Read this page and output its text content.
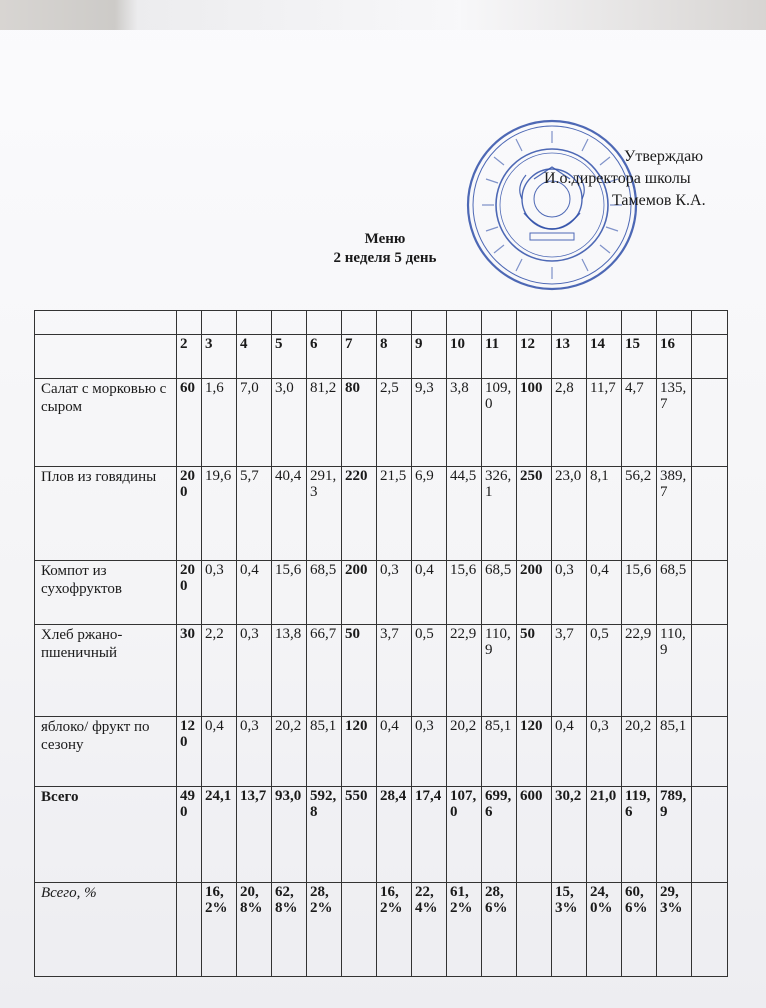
Утверждаю
И.о.директора школы
Тамемов К.А.
Меню
2 неделя 5 день

	2	3	4	5	6	7	8	9	10	11	12	13	14	15	16	
Салат с морковью с сыром	60	1,6	7,0	3,0	81,2	80	2,5	9,3	3,8	109,0	100	2,8	11,7	4,7	135,7	
Плов из говядины	200	19,6	5,7	40,4	291,3	220	21,5	6,9	44,5	326,1	250	23,0	8,1	56,2	389,7	
Компот из сухофруктов	200	0,3	0,4	15,6	68,5	200	0,3	0,4	15,6	68,5	200	0,3	0,4	15,6	68,5	
Хлеб ржано-пшеничный	30	2,2	0,3	13,8	66,7	50	3,7	0,5	22,9	110,9	50	3,7	0,5	22,9	110,9	
яблоко/ фрукт по сезону	120	0,4	0,3	20,2	85,1	120	0,4	0,3	20,2	85,1	120	0,4	0,3	20,2	85,1	
Всего	490	24,1	13,7	93,0	592,8	550	28,4	17,4	107,0	699,6	600	30,2	21,0	119,6	789,9	
Всего, %		16,2%	20,8%	62,8%	28,2%		16,2%	22,4%	61,2%	28,6%		15,3%	24,0%	60,6%	29,3%	
